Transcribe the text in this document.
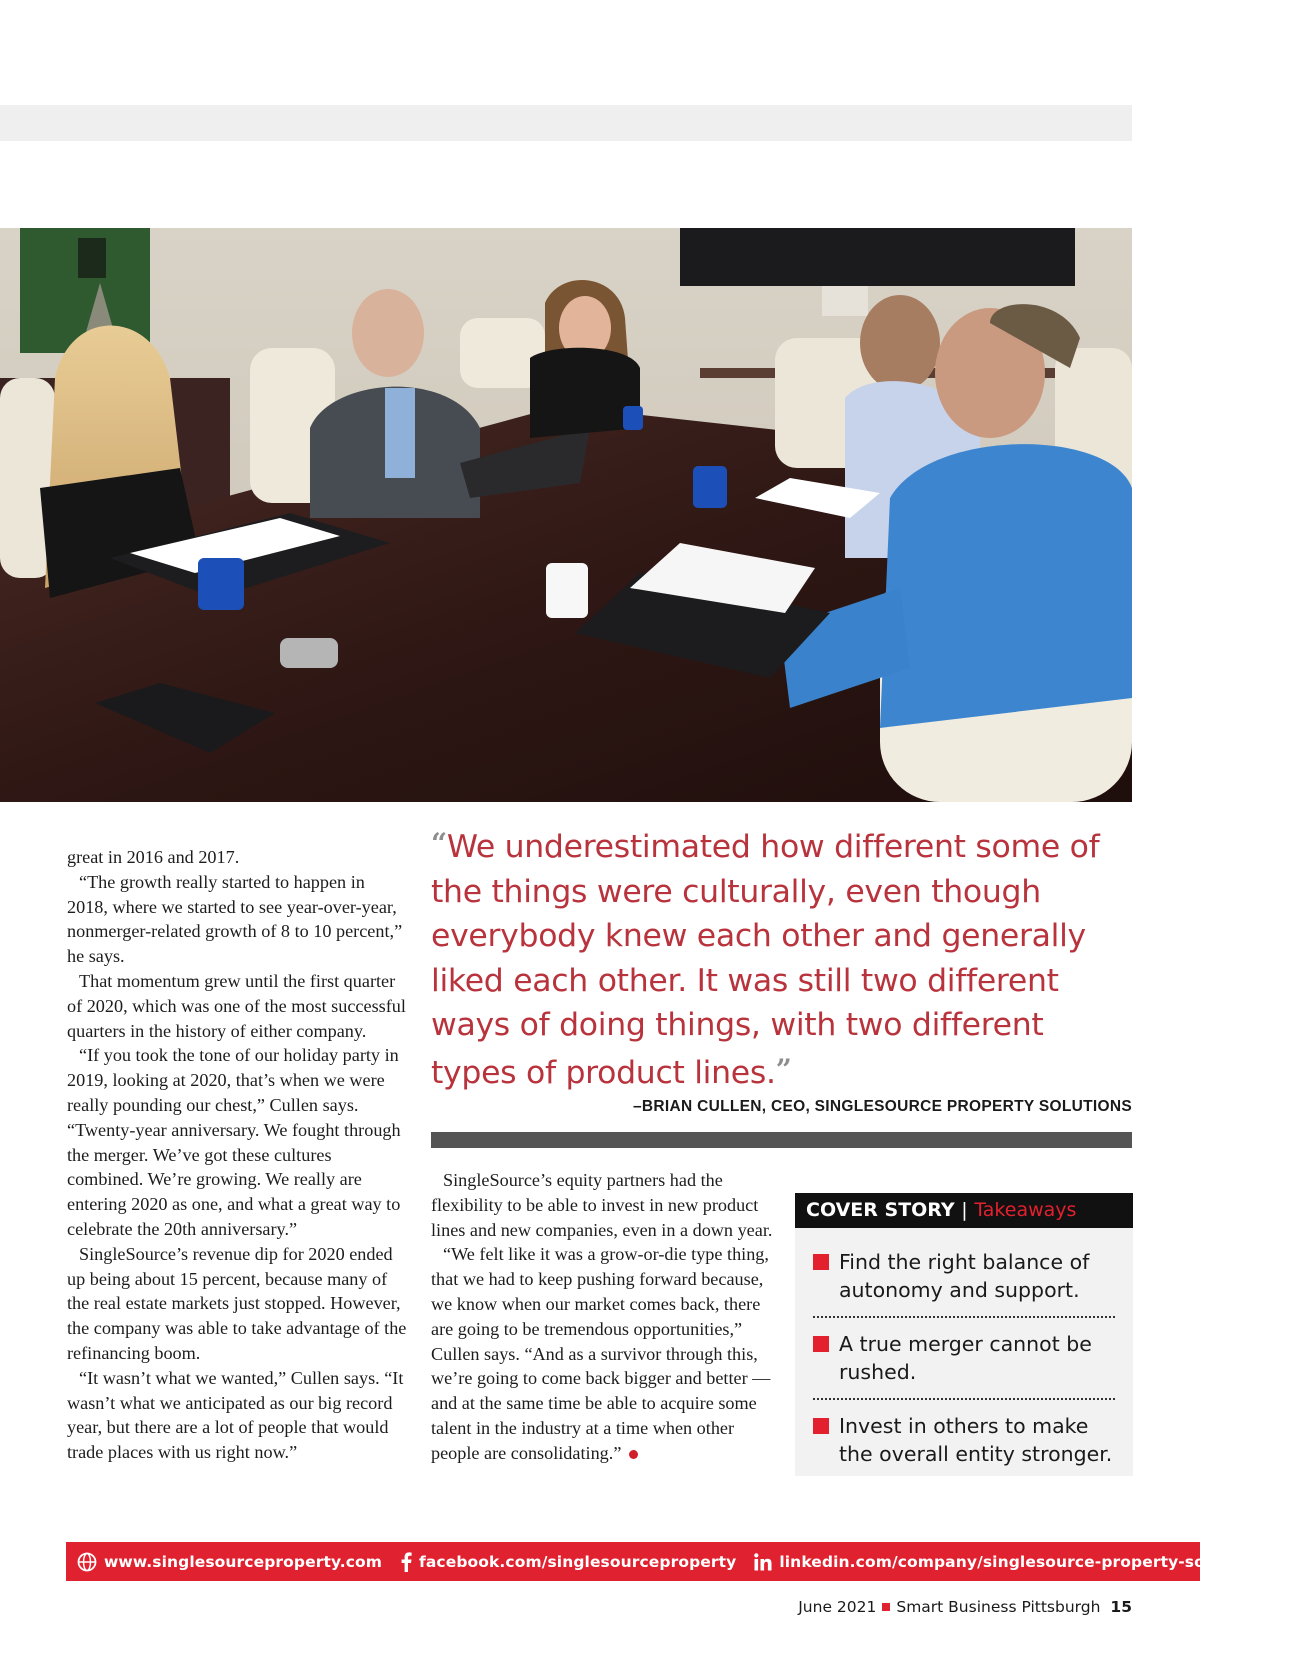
great in 2016 and 2017.

“The growth really started to happen in 2018, where we started to see year-over-year, nonmerger-related growth of 8 to 10 percent,” he says.

That momentum grew until the first quarter of 2020, which was one of the most successful quarters in the history of either company.

“If you took the tone of our holiday party in 2019, looking at 2020, that’s when we were really pounding our chest,” Cullen says. “Twenty-year anniversary. We fought through the merger. We’ve got these cultures combined. We’re growing. We really are entering 2020 as one, and what a great way to celebrate the 20th anniversary.”

SingleSource’s revenue dip for 2020 ended up being about 15 percent, because many of the real estate markets just stopped. However, the company was able to take advantage of the refinancing boom.

“It wasn’t what we wanted,” Cullen says. “It wasn’t what we anticipated as our big record year, but there are a lot of people that would trade places with us right now.”

“We underestimated how different some of the things were culturally, even though everybody knew each other and generally liked each other. It was still two different ways of doing things, with two different types of product lines.”
–BRIAN CULLEN, CEO, SINGLESOURCE PROPERTY SOLUTIONS

SingleSource’s equity partners had the flexibility to be able to invest in new product lines and new companies, even in a down year.

“We felt like it was a grow-or-die type thing, that we had to keep pushing forward because, we know when our market comes back, there are going to be tremendous opportunities,” Cullen says. “And as a survivor through this, we’re going to come back bigger and better — and at the same time be able to acquire some talent in the industry at a time when other people are consolidating.”

COVER STORY | Takeaways
Find the right balance of autonomy and support.
A true merger cannot be rushed.
Invest in others to make the overall entity stronger.
www.singlesourceproperty.com facebook.com/singlesourceproperty	linkedin.com/company/singlesource-property-solutions-llc
June 2021 Smart Business Pittsburgh 15
